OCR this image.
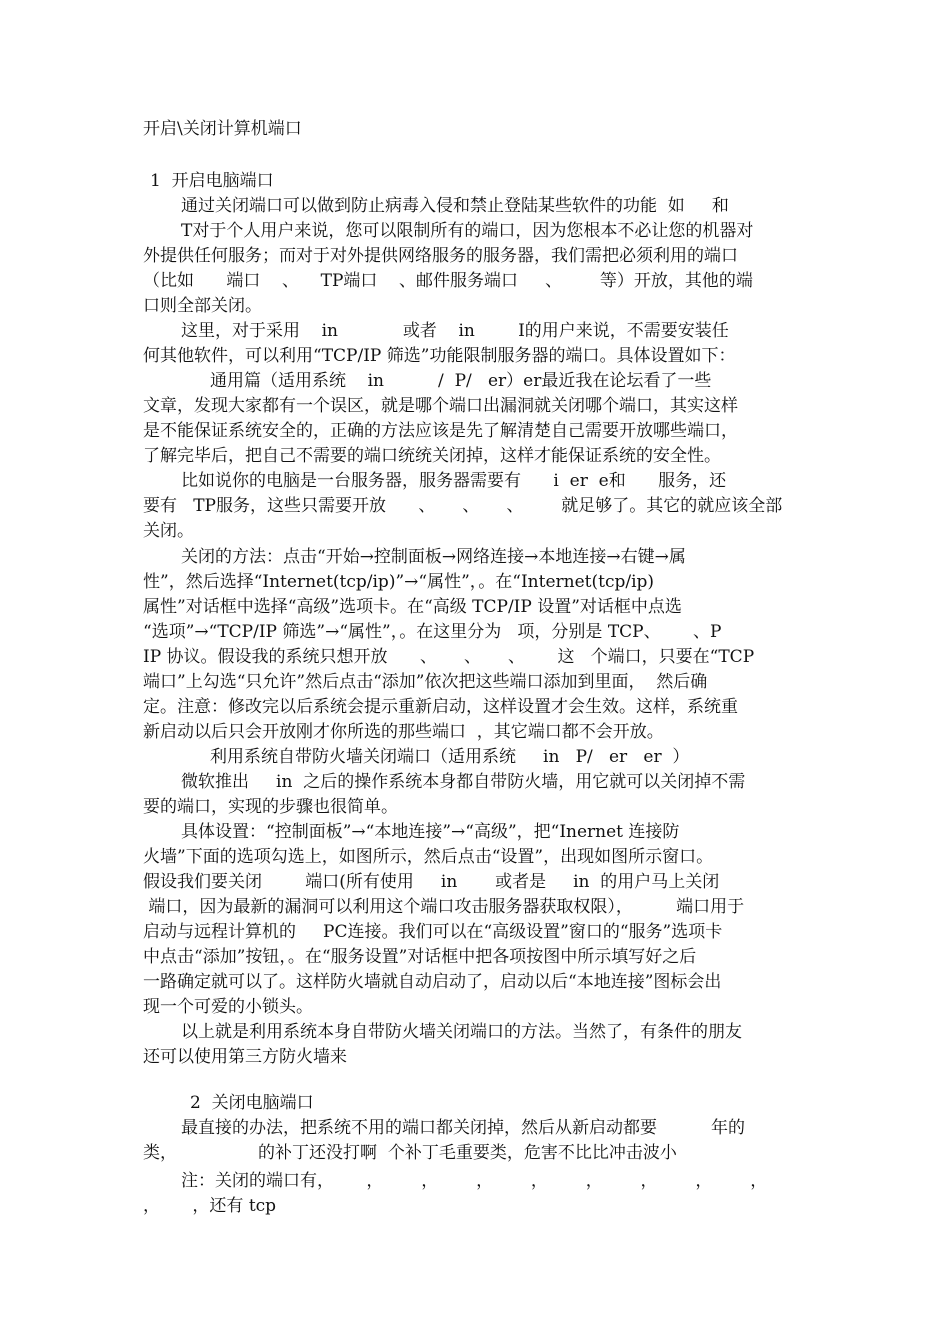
开启\关闭计算机端口
1  开启电脑端口
通过关闭端口可以做到防止病毒入侵和禁止登陆某些软件的功能  如     和
T对于个人用户来说，您可以限制所有的端口，因为您根本不必让您的机器对
外提供任何服务；而对于对外提供网络服务的服务器，我们需把必须利用的端口
（比如      端口    、    TP端口    、邮件服务端口     、       等）开放，其他的端
口则全部关闭。
这里，对于采用    in            或者    in        I的用户来说，不需要安装任
何其他软件，可以利用“TCP/IP 筛选”功能限制服务器的端口。具体设置如下：
通用篇（适用系统    in          /  P/   er）er最近我在论坛看了一些
文章，发现大家都有一个误区，就是哪个端口出漏洞就关闭哪个端口，其实这样
是不能保证系统安全的，正确的方法应该是先了解清楚自己需要开放哪些端口，
了解完毕后，把自己不需要的端口统统关闭掉，这样才能保证系统的安全性。
比如说你的电脑是一台服务器，服务器需要有      i  er  e和      服务，还
要有   TP服务，这些只需要开放      、     、     、       就足够了。其它的就应该全部
关闭。
关闭的方法：点击“开始→控制面板→网络连接→本地连接→右键→属
性”，然后选择“Internet(tcp/ip)”→“属性”，。在“Internet(tcp/ip)
属性”对话框中选择“高级”选项卡。在“高级 TCP/IP 设置”对话框中点选
“选项”→“TCP/IP 筛选”→“属性”，。在这里分为   项，分别是 TCP、      、P
IP 协议。假设我的系统只想开放      、     、     、      这   个端口，只要在“TCP
端口”上勾选“只允许”然后点击“添加”依次把这些端口添加到里面，  然后确
定。注意：修改完以后系统会提示重新启动，这样设置才会生效。这样，系统重
新启动以后只会开放刚才你所选的那些端口  ，其它端口都不会开放。
利用系统自带防火墙关闭端口（适用系统     in   P/   er   er  ）
微软推出     in  之后的操作系统本身都自带防火墙，用它就可以关闭掉不需
要的端口，实现的步骤也很简单。
具体设置：“控制面板”→“本地连接”→“高级”，把“Inernet 连接防
火墙”下面的选项勾选上，如图所示，然后点击“设置”，出现如图所示窗口。
假设我们要关闭        端口(所有使用     in       或者是     in  的用户马上关闭
端口，因为最新的漏洞可以利用这个端口攻击服务器获取权限），        端口用于
启动与远程计算机的     PC连接。我们可以在“高级设置”窗口的“服务”选项卡
中点击“添加”按钮，。在“服务设置”对话框中把各项按图中所示填写好之后
一路确定就可以了。这样防火墙就自动启动了，启动以后“本地连接”图标会出
现一个可爱的小锁头。
以上就是利用系统本身自带防火墙关闭端口的方法。当然了，有条件的朋友
还可以使用第三方防火墙来
2  关闭电脑端口
最直接的办法，把系统不用的端口都关闭掉，然后从新启动都要          年的
类，               的补丁还没打啊  个补丁毛重要类，危害不比比冲击波小
注：关闭的端口有，      ，       ，       ，       ，       ，       ，       ，       ，
，      ，还有 tcp
